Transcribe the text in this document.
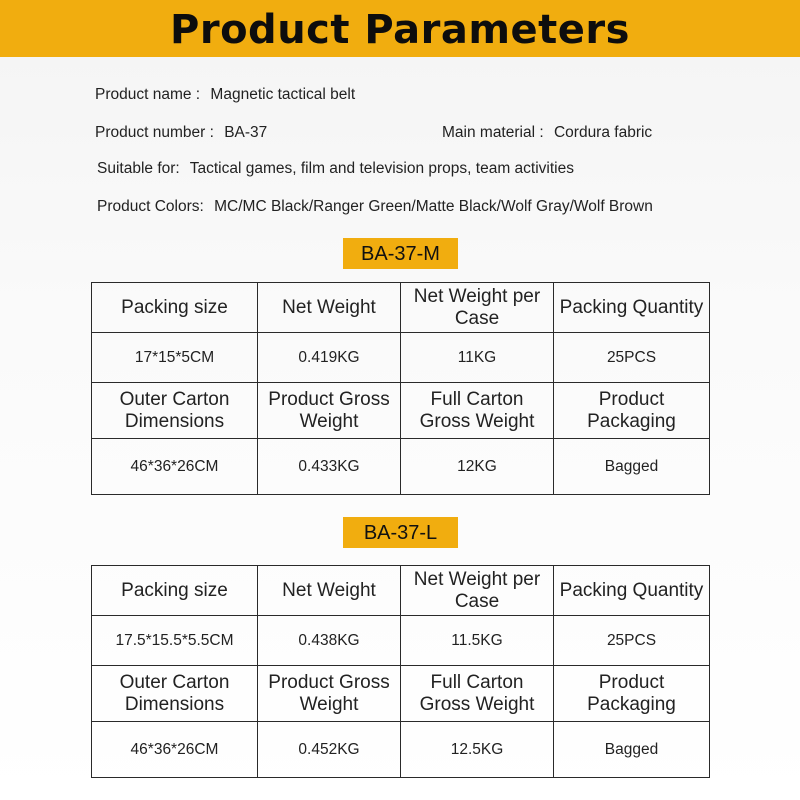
Product Parameters
Product name : Magnetic tactical belt
Product number : BA-37	Main material : Cordura fabric
Suitable for: Tactical games, film and television props, team activities
Product Colors: MC/MC Black/Ranger Green/Matte Black/Wolf Gray/Wolf Brown
BA-37-M
Packing size	Net Weight	Net Weight per Case	Packing Quantity
17*15*5CM	0.419KG	11KG	25PCS
Outer Carton Dimensions	Product Gross Weight	Full Carton Gross Weight	Product Packaging
46*36*26CM	0.433KG	12KG	Bagged
BA-37-L
Packing size	Net Weight	Net Weight per Case	Packing Quantity
17.5*15.5*5.5CM	0.438KG	11.5KG	25PCS
Outer Carton Dimensions	Product Gross Weight	Full Carton Gross Weight	Product Packaging
46*36*26CM	0.452KG	12.5KG	Bagged
